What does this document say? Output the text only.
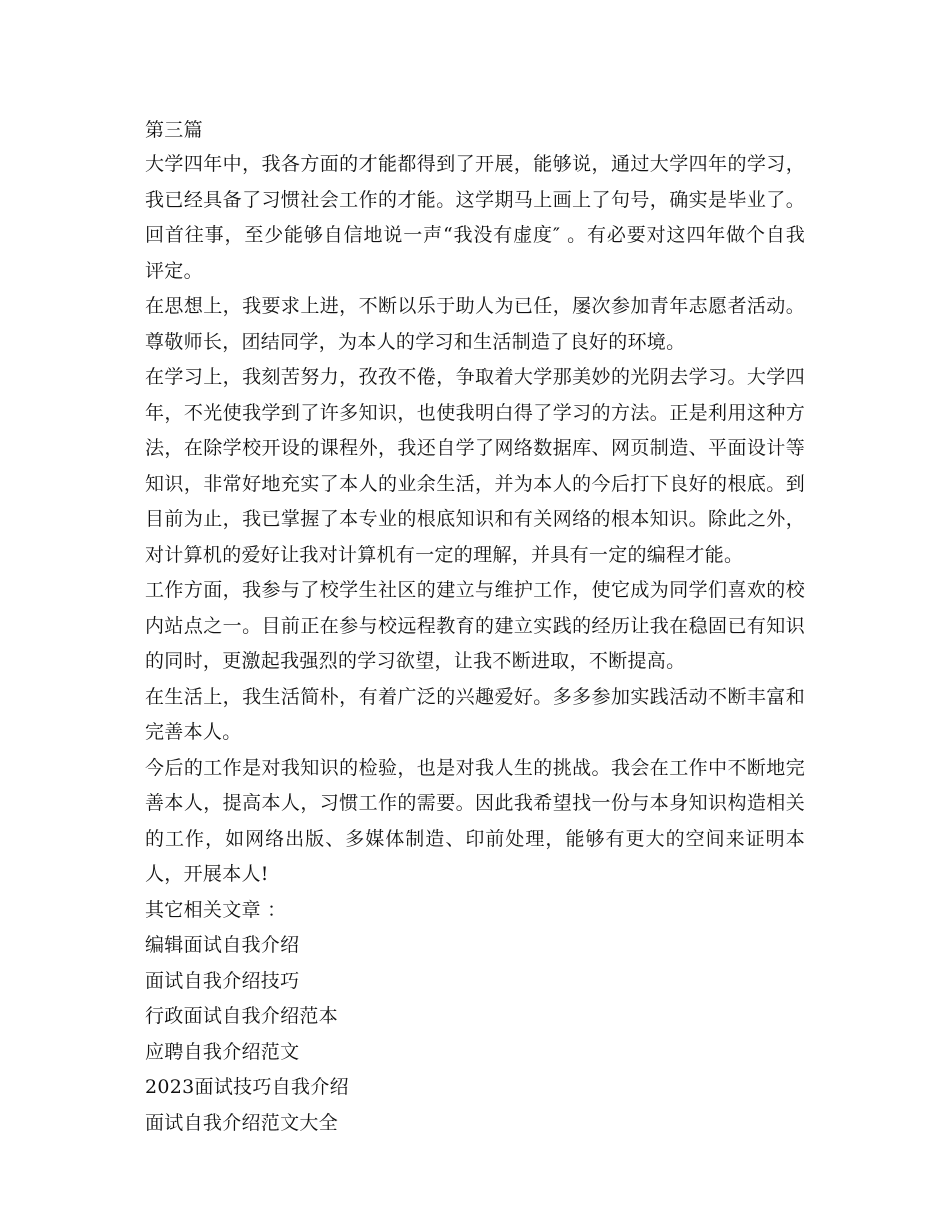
第三篇

大学四年中，我各方面的才能都得到了开展，能够说，通过大学四年的学习，我已经具备了习惯社会工作的才能。这学期马上画上了句号，确实是毕业了。回首往事，至少能够自信地说一声“我没有虚度″ 。有必要对这四年做个自我评定。

在思想上，我要求上进，不断以乐于助人为已任，屡次参加青年志愿者活动。尊敬师长，团结同学，为本人的学习和生活制造了良好的环境。

在学习上，我刻苦努力，孜孜不倦，争取着大学那美妙的光阴去学习。大学四年，不光使我学到了许多知识，也使我明白得了学习的方法。正是利用这种方法，在除学校开设的课程外，我还自学了网络数据库、网页制造、平面设计等知识，非常好地充实了本人的业余生活，并为本人的今后打下良好的根底。到目前为止，我已掌握了本专业的根底知识和有关网络的根本知识。除此之外，对计算机的爱好让我对计算机有一定的理解，并具有一定的编程才能。

工作方面，我参与了校学生社区的建立与维护工作，使它成为同学们喜欢的校内站点之一。目前正在参与校远程教育的建立实践的经历让我在稳固已有知识的同时，更激起我强烈的学习欲望，让我不断进取，不断提高。

在生活上，我生活简朴，有着广泛的兴趣爱好。多多参加实践活动不断丰富和完善本人。

今后的工作是对我知识的检验，也是对我人生的挑战。我会在工作中不断地完善本人，提高本人，习惯工作的需要。因此我希望找一份与本身知识构造相关的工作，如网络出版、多媒体制造、印前处理，能够有更大的空间来证明本人，开展本人!

其它相关文章 ：

编辑面试自我介绍
面试自我介绍技巧
行政面试自我介绍范本
应聘自我介绍范文
2023面试技巧自我介绍
面试自我介绍范文大全
